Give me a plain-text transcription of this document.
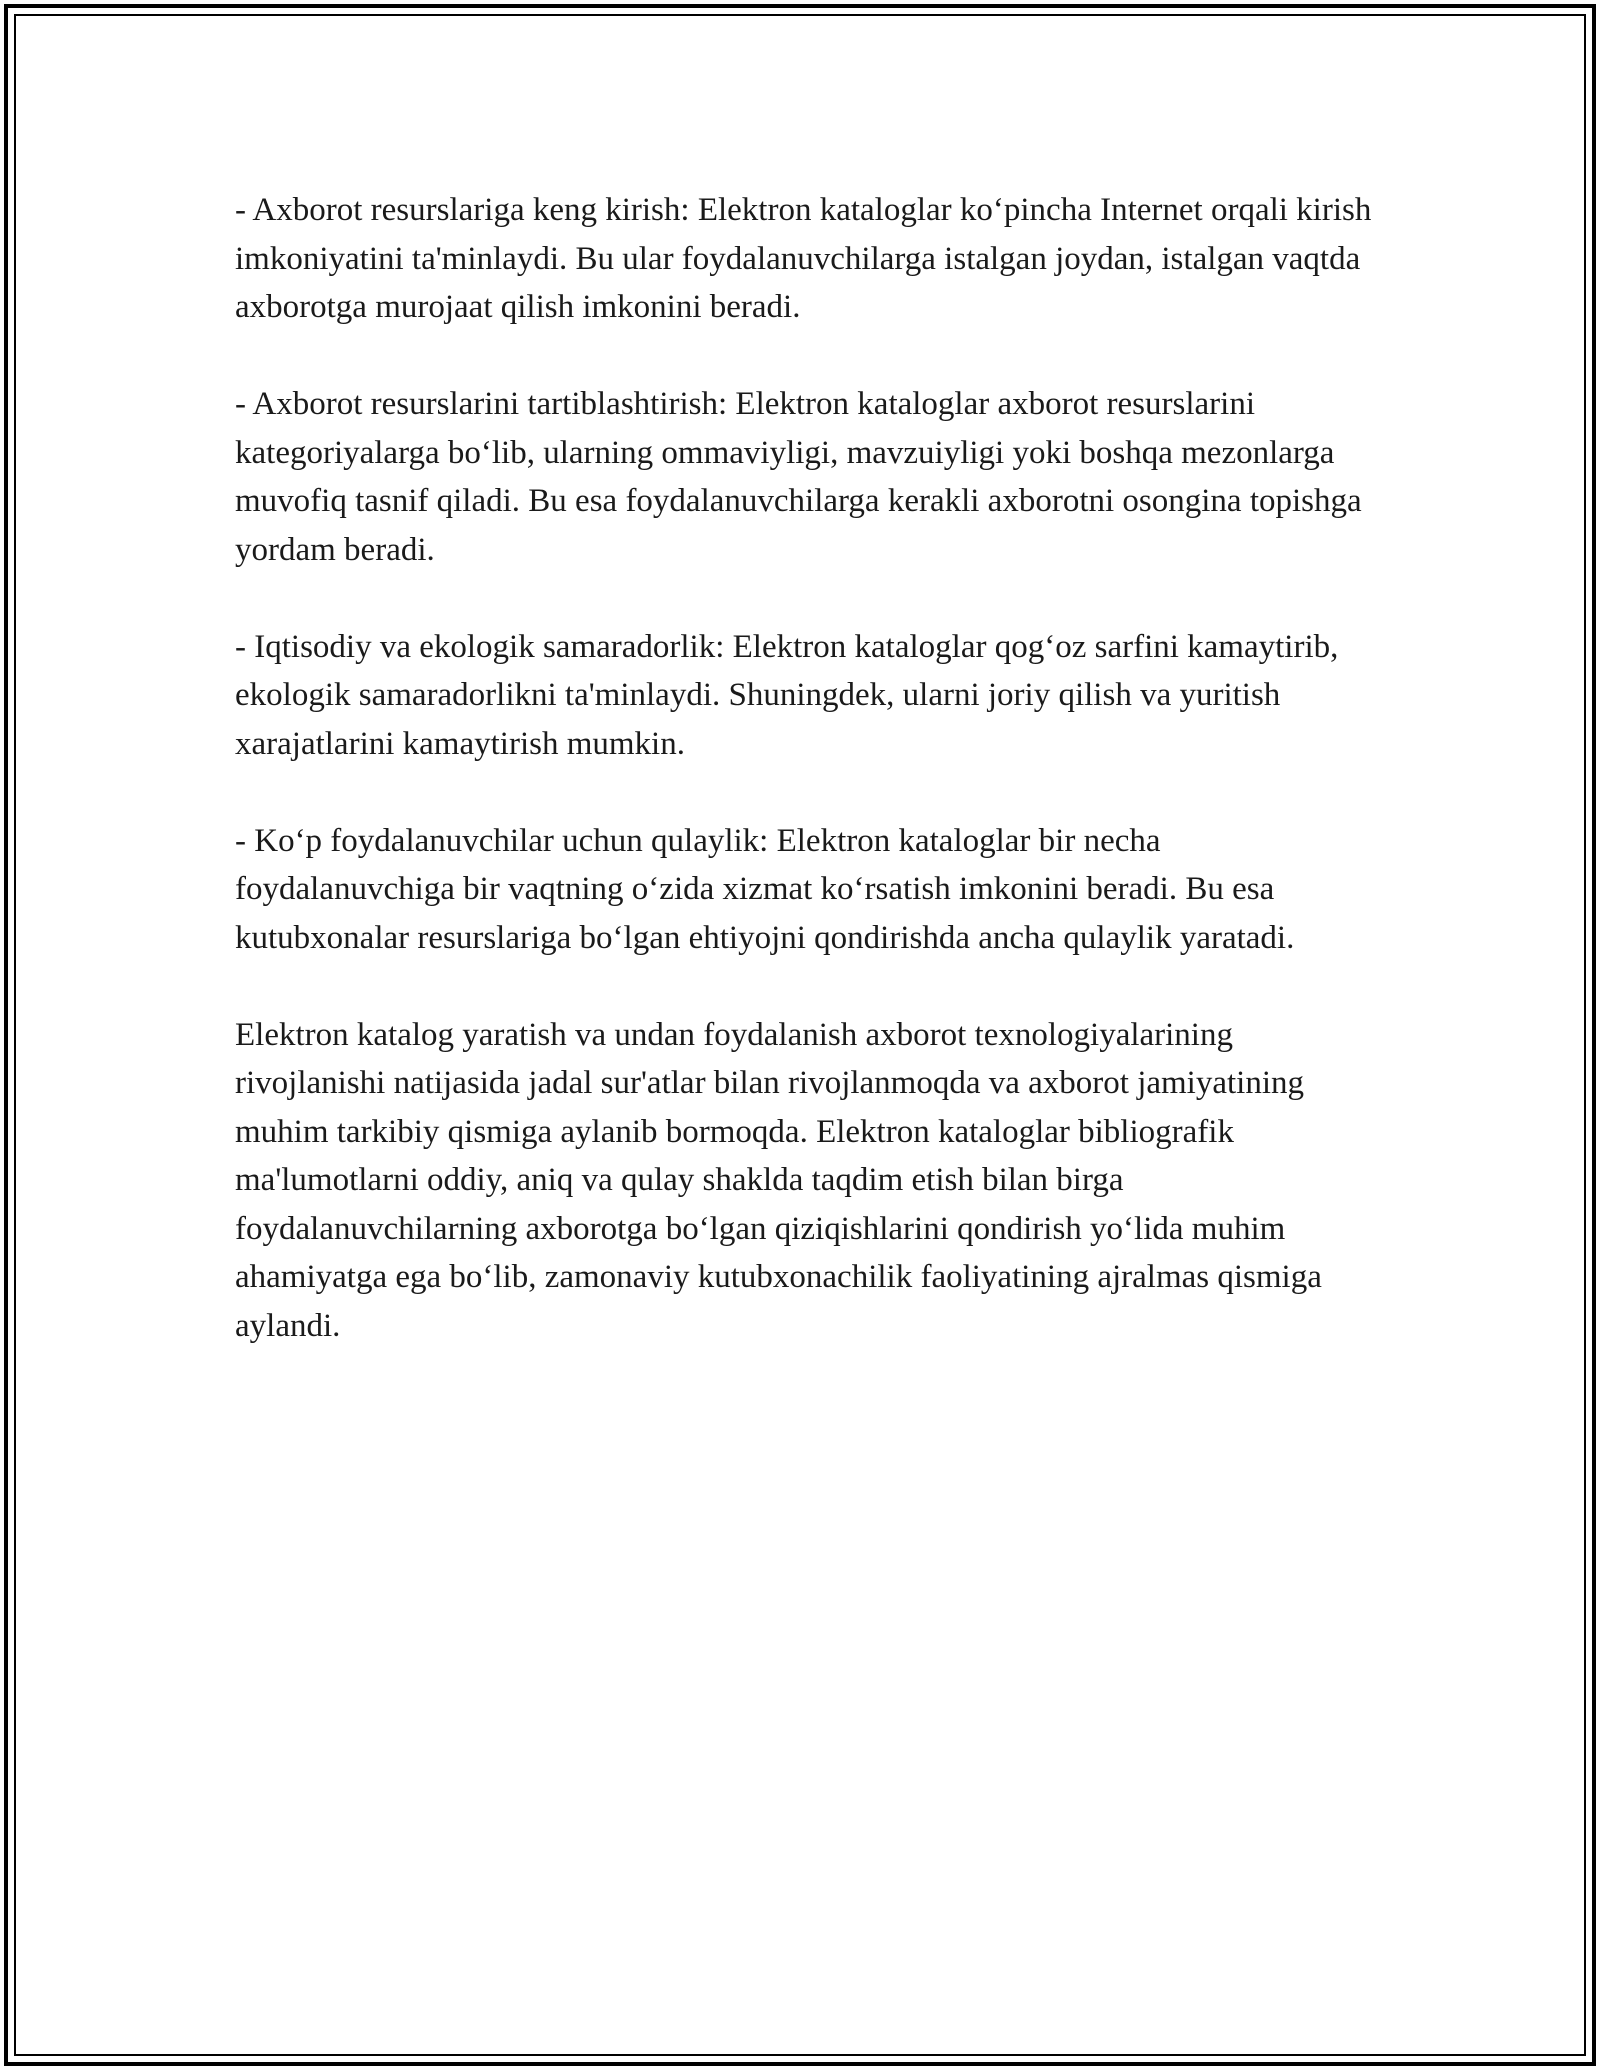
- Axborot resurslariga keng kirish: Elektron kataloglar ko‘pincha Internet orqali kirish imkoniyatini ta'minlaydi. Bu ular foydalanuvchilarga istalgan joydan, istalgan vaqtda axborotga murojaat qilish imkonini beradi.

- Axborot resurslarini tartiblashtirish: Elektron kataloglar axborot resurslarini kategoriyalarga bo‘lib, ularning ommaviyligi, mavzuiyligi yoki boshqa mezonlarga muvofiq tasnif qiladi. Bu esa foydalanuvchilarga kerakli axborotni osongina topishga yordam beradi.

- Iqtisodiy va ekologik samaradorlik: Elektron kataloglar qog‘oz sarfini kamaytirib, ekologik samaradorlikni ta'minlaydi. Shuningdek, ularni joriy qilish va yuritish xarajatlarini kamaytirish mumkin.

- Ko‘p foydalanuvchilar uchun qulaylik: Elektron kataloglar bir necha foydalanuvchiga bir vaqtning o‘zida xizmat ko‘rsatish imkonini beradi. Bu esa kutubxonalar resurslariga bo‘lgan ehtiyojni qondirishda ancha qulaylik yaratadi.

Elektron katalog yaratish va undan foydalanish axborot texnologiyalarining rivojlanishi natijasida jadal sur'atlar bilan rivojlanmoqda va axborot jamiyatining muhim tarkibiy qismiga aylanib bormoqda. Elektron kataloglar bibliografik ma'lumotlarni oddiy, aniq va qulay shaklda taqdim etish bilan birga foydalanuvchilarning axborotga bo‘lgan qiziqishlarini qondirish yo‘lida muhim ahamiyatga ega bo‘lib, zamonaviy kutubxonachilik faoliyatining ajralmas qismiga aylandi.
